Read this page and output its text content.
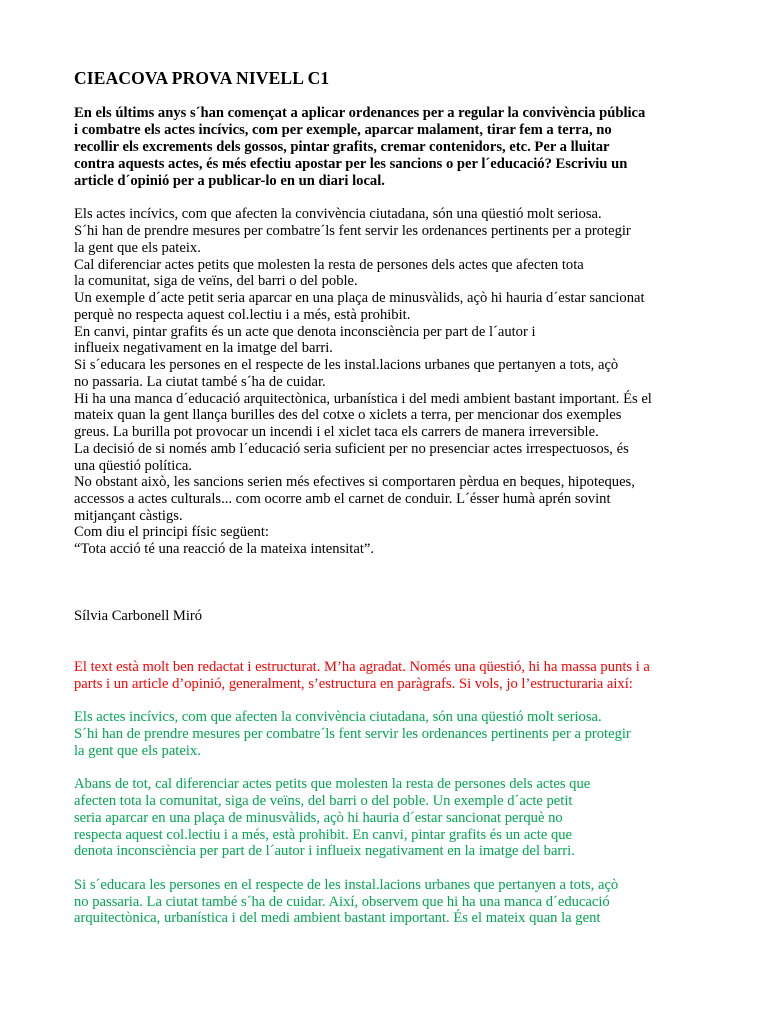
CIEACOVA PROVA NIVELL C1

En els últims anys s´han començat a aplicar ordenances per a regular la convivència pública

i combatre els actes incívics, com per exemple, aparcar malament, tirar fem a terra, no

recollir els excrements dels gossos, pintar grafits, cremar contenidors, etc. Per a lluitar

contra aquests actes, és més efectiu apostar per les sancions o per l´educació? Escriviu un

article d´opinió per a publicar-lo en un diari local.

Els actes incívics, com que afecten la convivència ciutadana, són una qüestió molt seriosa.

S´hi han de prendre mesures per combatre´ls fent servir les ordenances pertinents per a protegir

la gent que els pateix.

Cal diferenciar actes petits que molesten la resta de persones dels actes que afecten tota

la comunitat, siga de veïns, del barri o del poble.

Un exemple d´acte petit seria aparcar en una plaça de minusvàlids, açò hi hauria d´estar sancionat

perquè no respecta aquest col.lectiu i a més, està prohibit.

En canvi, pintar grafits és un acte que denota inconsciència per part de l´autor i

influeix negativament en la imatge del barri.

Si s´educara les persones en el respecte de les instal.lacions urbanes que pertanyen a tots, açò

no passaria. La ciutat també s´ha de cuidar.

Hi ha una manca d´educació arquitectònica, urbanística i del medi ambient bastant important. És el

mateix quan la gent llança burilles des del cotxe o xiclets a terra, per mencionar dos exemples

greus. La burilla pot provocar un incendi i el xiclet taca els carrers de manera irreversible.

La decisió de si només amb l´educació seria suficient per no presenciar actes irrespectuosos, és

una qüestió política.

No obstant això, les sancions serien més efectives si comportaren pèrdua en beques, hipoteques,

accessos a actes culturals... com ocorre amb el carnet de conduir. L´ésser humà aprén sovint

mitjançant càstigs.

Com diu el principi físic següent:

“Tota acció té una reacció de la mateixa intensitat”.

Sílvia Carbonell Miró

El text està molt ben redactat i estructurat. M’ha agradat. Només una qüestió, hi ha massa punts i a

parts i un article d’opinió, generalment, s’estructura en paràgrafs. Si vols, jo l’estructuraria així:

Els actes incívics, com que afecten la convivència ciutadana, són una qüestió molt seriosa.

S´hi han de prendre mesures per combatre´ls fent servir les ordenances pertinents per a protegir

la gent que els pateix.

Abans de tot, cal diferenciar actes petits que molesten la resta de persones dels actes que

afecten tota la comunitat, siga de veïns, del barri o del poble. Un exemple d´acte petit

seria aparcar en una plaça de minusvàlids, açò hi hauria d´estar sancionat perquè no

respecta aquest col.lectiu i a més, està prohibit. En canvi, pintar grafits és un acte que

denota inconsciència per part de l´autor i influeix negativament en la imatge del barri.

Si s´educara les persones en el respecte de les instal.lacions urbanes que pertanyen a tots, açò

no passaria. La ciutat també s´ha de cuidar. Així, observem que hi ha una manca d´educació

arquitectònica, urbanística i del medi ambient bastant important. És el mateix quan la gent
